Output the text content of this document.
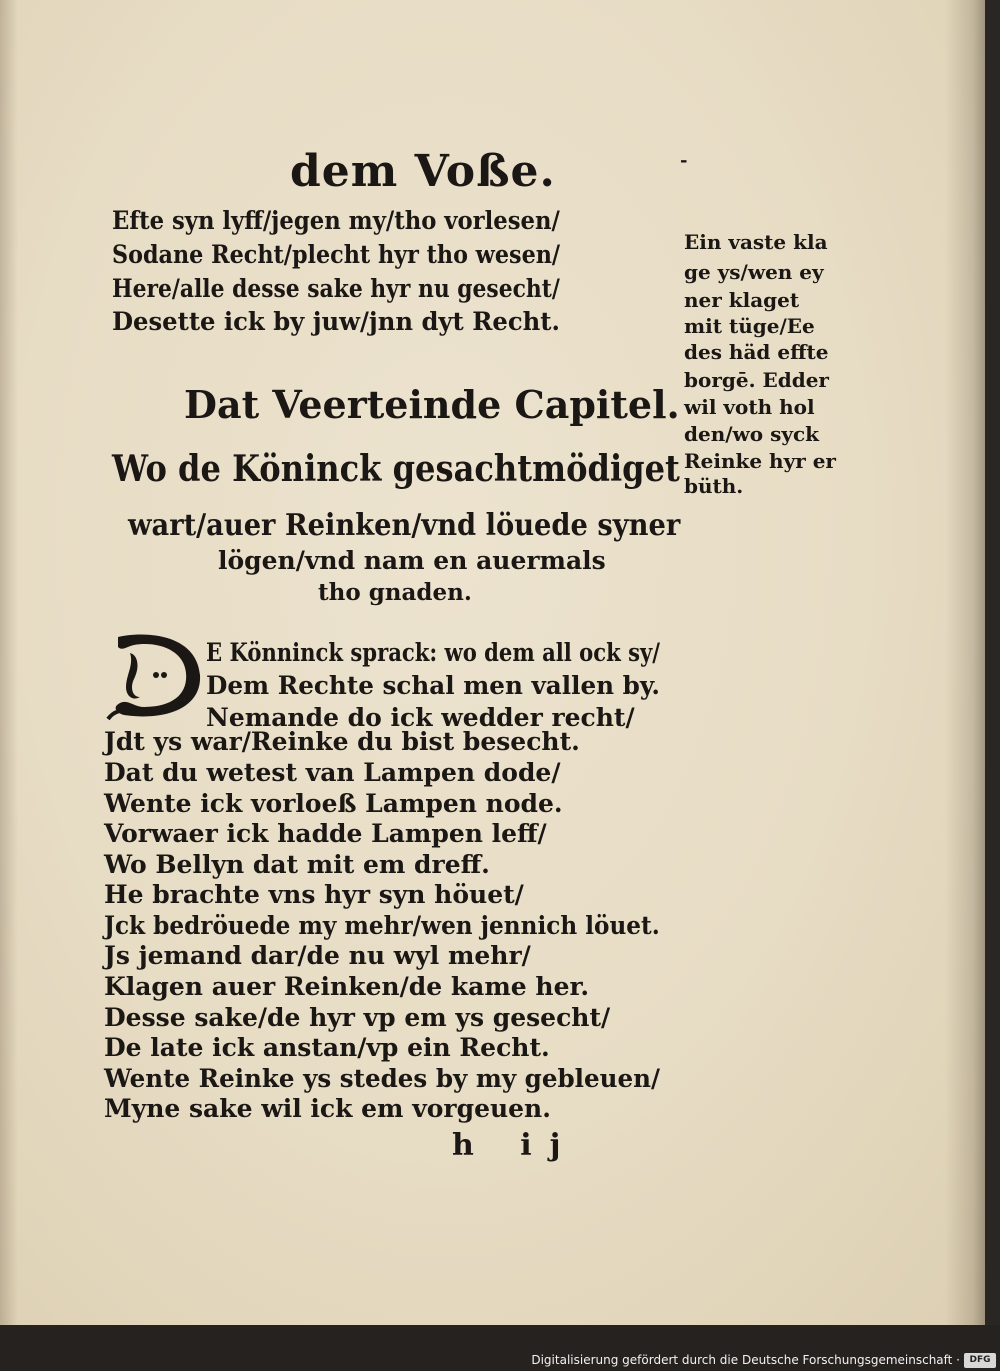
dem Voße.	-
Efte syn lyff/jegen my/tho vorlesen/
Sodane Recht/plecht hyr tho wesen/
Here/alle desse sake hyr nu gesecht/
Desette ick by juw/jnn dyt Recht.
Dat Veerteinde Capitel.
Wo de Köninck gesachtmödiget
wart/auer Reinken/vnd löuede syner
lögen/vnd nam en auermals
tho gnaden.
E Könninck sprack: wo dem all ock sy/
Dem Rechte schal men vallen by.
Nemande do ick wedder recht/
Jdt ys war/Reinke du bist besecht.
Dat du wetest van Lampen dode/
Wente ick vorloeß Lampen node.
Vorwaer ick hadde Lampen leff/
Wo Bellyn dat mit em dreff.
He brachte vns hyr syn höuet/
Jck bedröuede my mehr/wen jennich löuet.
Js jemand dar/de nu wyl mehr/
Klagen auer Reinken/de kame her.
Desse sake/de hyr vp em ys gesecht/
De late ick anstan/vp ein Recht.
Wente Reinke ys stedes by my gebleuen/
Myne sake wil ick em vorgeuen.
Ein vaste kla
ge ys/wen ey
ner klaget
mit tüge/Ee
des häd effte
borgē. Edder
wil voth hol
den/wo syck
Reinke hyr er
büth.
h ij
Digitalisierung gefördert durch die Deutsche Forschungsgemeinschaft ·	DFG
